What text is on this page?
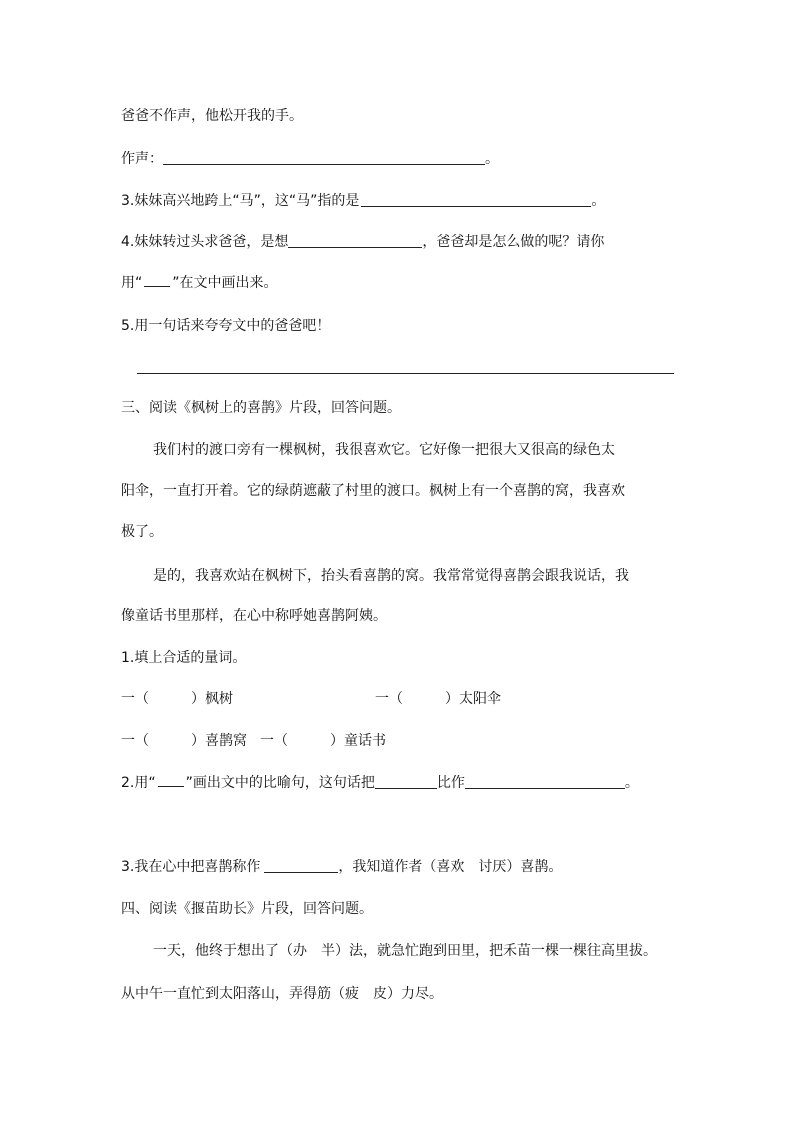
爸爸不作声，他松开我的手。
作声：	。
3.妹妹高兴地跨上“马”，这“马”指的是	。
4.妹妹转过头求爸爸，是想	，爸爸却是怎么做的呢？请你
用“ ”在文中画出来。
5.用一句话来夸夸文中的爸爸吧！
三、阅读《枫树上的喜鹊》片段，回答问题。
我们村的渡口旁有一棵枫树，我很喜欢它。它好像一把很大又很高的绿色太
阳伞，一直打开着。它的绿荫遮蔽了村里的渡口。枫树上有一个喜鹊的窝，我喜欢
极了。
是的，我喜欢站在枫树下，抬头看喜鹊的窝。我常常觉得喜鹊会跟我说话，我
像童话书里那样，在心中称呼她喜鹊阿姨。
1.填上合适的量词。
一（　　　）枫树	一（　　　）太阳伞
一（　　　）喜鹊窝 一（　　　）童话书
2.用“ ”画出文中的比喻句，这句话把	比作	。
3.我在心中把喜鹊称作	，我知道作者（喜欢　讨厌）喜鹊。
四、阅读《揠苗助长》片段，回答问题。
一天，他终于想出了（办　半）法，就急忙跑到田里，把禾苗一棵一棵往高里拔。
从中午一直忙到太阳落山，弄得筋（疲　皮）力尽。
